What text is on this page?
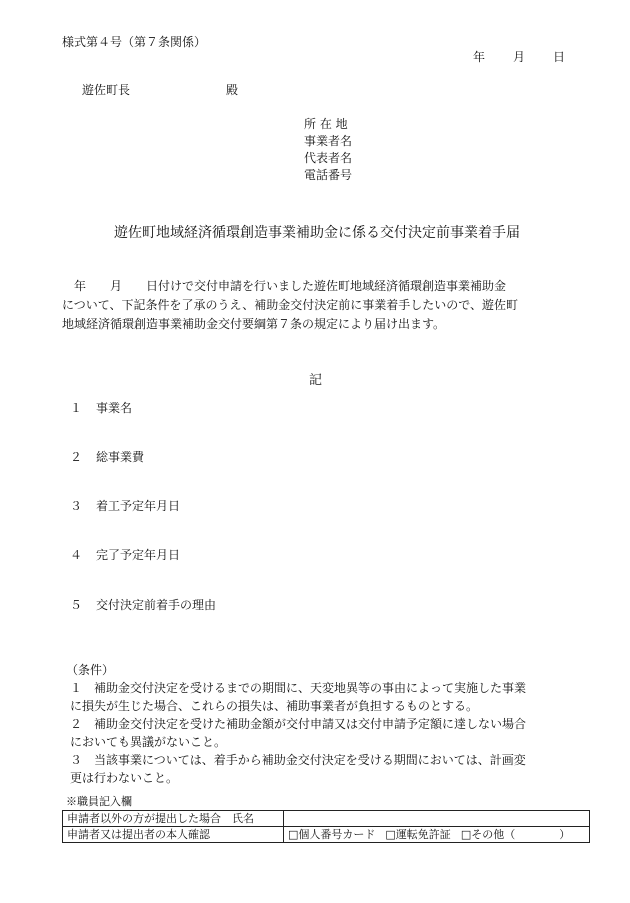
様式第４号（第７条関係）
年 月 日
遊佐町長	殿
所 在 地
事業者名
代表者名
電話番号
遊佐町地域経済循環創造事業補助金に係る交付決定前事業着手届
　年　　月　　日付けで交付申請を行いました遊佐町地域経済循環創造事業補助金
について、下記条件を了承のうえ、補助金交付決定前に事業着手したいので、遊佐町
地域経済循環創造事業補助金交付要綱第７条の規定により届け出ます。
記
１ 事業名
２ 総事業費
３ 着工予定年月日
４ 完了予定年月日
５ 交付決定前着手の理由
（条件）
１　補助金交付決定を受けるまでの期間に、天変地異等の事由によって実施した事業
に損失が生じた場合、これらの損失は、補助事業者が負担するものとする。
２　補助金交付決定を受けた補助金額が交付申請又は交付申請予定額に達しない場合
においても異議がないこと。
３　当該事業については、着手から補助金交付決定を受ける期間においては、計画変
更は行わないこと。
※職員記入欄
申請者以外の方が提出した場合　氏名	
申請者又は提出者の本人確認	□個人番号カード □運転免許証 □その他（　　　　）
